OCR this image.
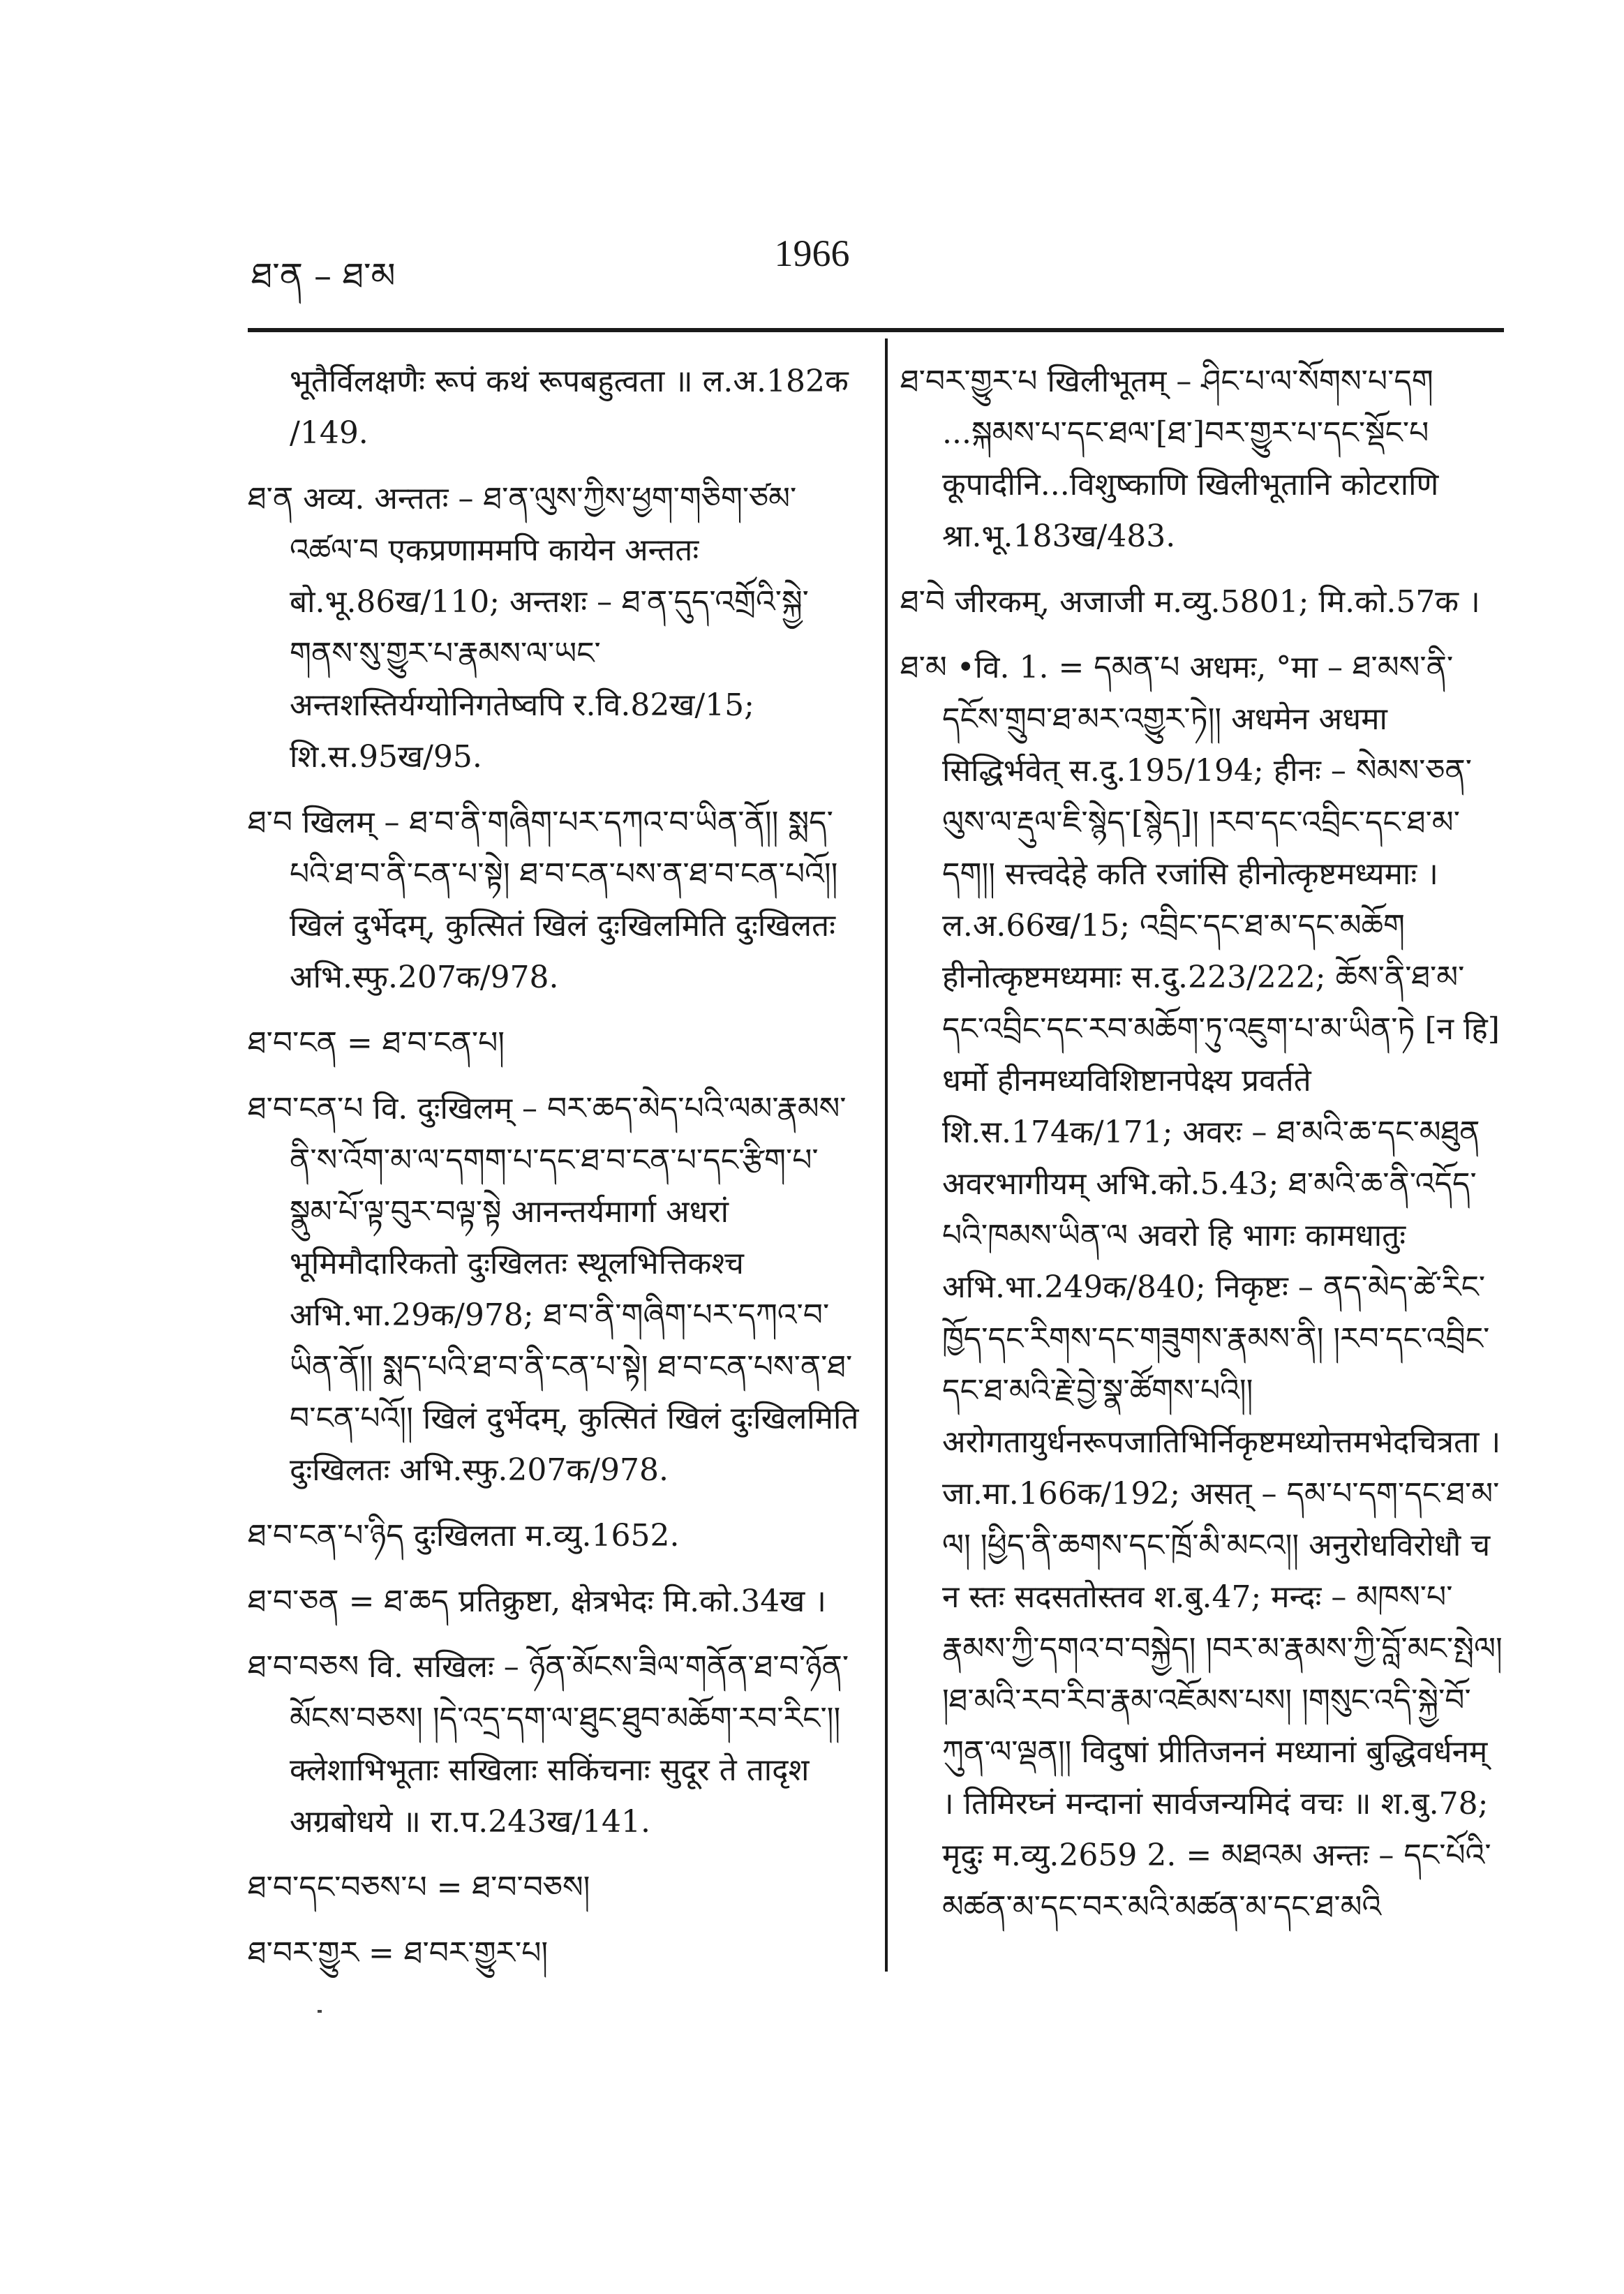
ཐ་ན – ཐ་མ
1966

भूतैर्विलक्षणैः रूपं कथं रूपबहुत्वता ॥ ल.अ.182क /149.

ཐ་ན अव्य. अन्ततः – ཐ་ན་ལུས་ཀྱིས་ཕྱག་གཅིག་ཙམ་འཚལ་བ एकप्रणाममपि कायेन अन्ततः बो.भू.86ख/110; अन्तशः – ཐ་ན་དུད་འགྲོའི་སྐྱེ་གནས་སུ་གྱུར་པ་རྣམས་ལ་ཡང་ अन्तशस्तिर्यग्योनिगतेष्वपि र.वि.82ख/15; शि.स.95ख/95.

ཐ་བ खिलम् – ཐ་བ་ནི་གཞིག་པར་དཀའ་བ་ཡིན་ནོ།། སྨད་པའི་ཐ་བ་ནི་ངན་པ་སྟེ། ཐ་བ་ངན་པས་ན་ཐ་བ་ངན་པའོ།། खिलं दुर्भेदम्, कुत्सितं खिलं दुःखिलमिति दुःखिलतः अभि.स्फु.207क/978.

ཐ་བ་ངན = ཐ་བ་ངན་པ།

ཐ་བ་ངན་པ वि. दुःखिलम् – བར་ཆད་མེད་པའི་ལམ་རྣམས་ནི་ས་འོག་མ་ལ་དགག་པ་དང་ཐ་བ་ངན་པ་དང་རྩིག་པ་སྣུམ་པོ་ལྟ་བུར་བལྟ་སྟེ आनन्तर्यमार्गा अधरां भूमिमौदारिकतो दुःखिलतः स्थूलभित्तिकश्च अभि.भा.29क/978; ཐ་བ་ནི་གཞིག་པར་དཀའ་བ་ཡིན་ནོ།། སྨད་པའི་ཐ་བ་ནི་ངན་པ་སྟེ། ཐ་བ་ངན་པས་ན་ཐ་བ་ངན་པའོ།། खिलं दुर्भेदम्, कुत्सितं खिलं दुःखिलमिति दुःखिलतः अभि.स्फु.207क/978.

ཐ་བ་ངན་པ་ཉིད दुःखिलता म.व्यु.1652.

ཐ་བ་ཅན = ཐ་ཆད प्रतिक्रुष्टा, क्षेत्रभेदः मि.को.34ख ।

ཐ་བ་བཅས वि. सखिलः – ཉོན་མོངས་ཟིལ་གནོན་ཐ་བ་ཉོན་མོངས་བཅས། །དེ་འདྲ་དག་ལ་ཐུང་ཐུབ་མཆོག་རབ་རིང་།། क्लेशाभिभूताः सखिलाः सकिंचनाः सुदूर ते तादृश अग्रबोधये ॥ रा.प.243ख/141.

ཐ་བ་དང་བཅས་པ = ཐ་བ་བཅས།

ཐ་བར་གྱུར = ཐ་བར་གྱུར་པ།

ཐ་བར་གྱུར་པ खिलीभूतम् – ཤིང་པ་ལ་སོགས་པ་དག ...སྐམས་པ་དང་ཐལ་[ཐ་]བར་གྱུར་པ་དང་སྡོང་པ कूपादीनि...विशुष्काणि खिलीभूतानि कोटराणि श्रा.भू.183ख/483.

ཐ་བེ जीरकम्, अजाजी म.व्यु.5801; मि.को.57क ।

ཐ་མ •वि. 1. = དམན་པ अधमः, °मा – ཐ་མས་ནི་དངོས་གྲུབ་ཐ་མར་འགྱུར་ཏེ།། अधमेन अधमा सिद्धिर्भवेत् स.दु.195/194; हीनः – སེམས་ཅན་ལུས་ལ་རྡུལ་ཇི་སྙེད་[སྙེད]། །རབ་དང་འབྲིང་དང་ཐ་མ་དག།། सत्त्वदेहे कति रजांसि हीनोत्कृष्टमध्यमाः । ल.अ.66ख/15; འབྲིང་དང་ཐ་མ་དང་མཆོག हीनोत्कृष्टमध्यमाः स.दु.223/222; ཆོས་ནི་ཐ་མ་དང་འབྲིང་དང་རབ་མཆོག་ཏུ་འཇུག་པ་མ་ཡིན་ཏེ [न हि] धर्मो हीनमध्यविशिष्टानपेक्ष्य प्रवर्तते शि.स.174क/171; अवरः – ཐ་མའི་ཆ་དང་མཐུན अवरभागीयम् अभि.को.5.43; ཐ་མའི་ཆ་ནི་འདོད་པའི་ཁམས་ཡིན་ལ अवरो हि भागः कामधातुः अभि.भा.249क/840; निकृष्टः – ནད་མེད་ཚེ་རིང་ཁྱོད་དང་རིགས་དང་གཟུགས་རྣམས་ནི། །རབ་དང་འབྲིང་དང་ཐ་མའི་རྗེ་བྱེ་སྣ་ཚོགས་པའི།། अरोगतायुर्धनरूपजातिभिर्निकृष्टमध्योत्तमभेदचित्रता । जा.मा.166क/192; असत् – དམ་པ་དག་དང་ཐ་མ་ལ། །ཕྱིད་ནི་ཆགས་དང་ཁྲོ་མི་མངའ།། अनुरोधविरोधौ च न स्तः सदसतोस्तव श.बु.47; मन्दः – མཁས་པ་རྣམས་ཀྱི་དགའ་བ་བསྐྱེད། །བར་མ་རྣམས་ཀྱི་བློ་མང་སྤེལ། །ཐ་མའི་རབ་རིབ་རྣམ་འཇོམས་པས། །གསུང་འདི་སྐྱེ་བོ་ཀུན་ལ་ལྡན།། विदुषां प्रीतिजननं मध्यानां बुद्धिवर्धनम् । तिमिरघ्नं मन्दानां सार्वजन्यमिदं वचः ॥ श.बु.78; मृदुः म.व्यु.2659 2. = མཐའམ अन्तः – དང་པོའི་མཚན་མ་དང་བར་མའི་མཚན་མ་དང་ཐ་མའི
